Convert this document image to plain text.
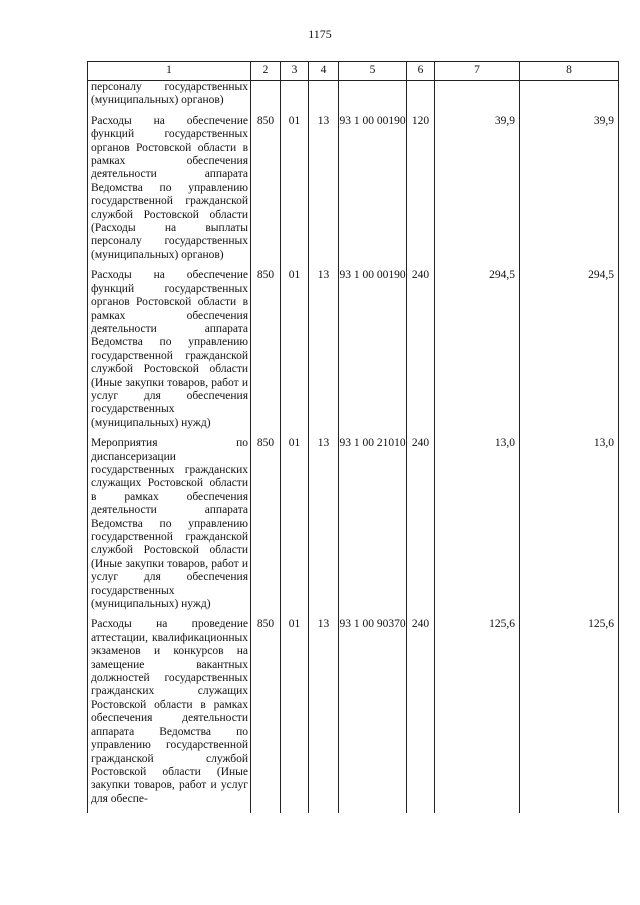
1175
1	2	3	4	5	6	7	8
персоналу государственных (муниципальных) органов)							
Расходы на обеспечение функций государственных органов Ростовской области в рамках обеспечения деятельности аппарата Ведомства по управлению государственной гражданской службой Ростовской области (Расходы на выплаты персоналу государственных (муниципальных) органов)	850	01	13	93 1 00 00190	120	39,9	39,9
Расходы на обеспечение функций государственных органов Ростовской области в рамках обеспечения деятельности аппарата Ведомства по управлению государственной гражданской службой Ростовской области (Иные закупки товаров, работ и услуг для обеспечения государственных (муниципальных) нужд)	850	01	13	93 1 00 00190	240	294,5	294,5
Мероприятия по диспансеризации государственных гражданских служащих Ростовской области в рамках обеспечения деятельности аппарата Ведомства по управлению государственной гражданской службой Ростовской области (Иные закупки товаров, работ и услуг для обеспечения государственных (муниципальных) нужд)	850	01	13	93 1 00 21010	240	13,0	13,0
Расходы на проведение аттестации, квалификационных экзаменов и конкурсов на замещение вакантных должностей государственных гражданских служащих Ростовской области в рамках обеспечения деятельности аппарата Ведомства по управлению государственной гражданской службой Ростовской области (Иные закупки товаров, работ и услуг для обеспе-	850	01	13	93 1 00 90370	240	125,6	125,6
